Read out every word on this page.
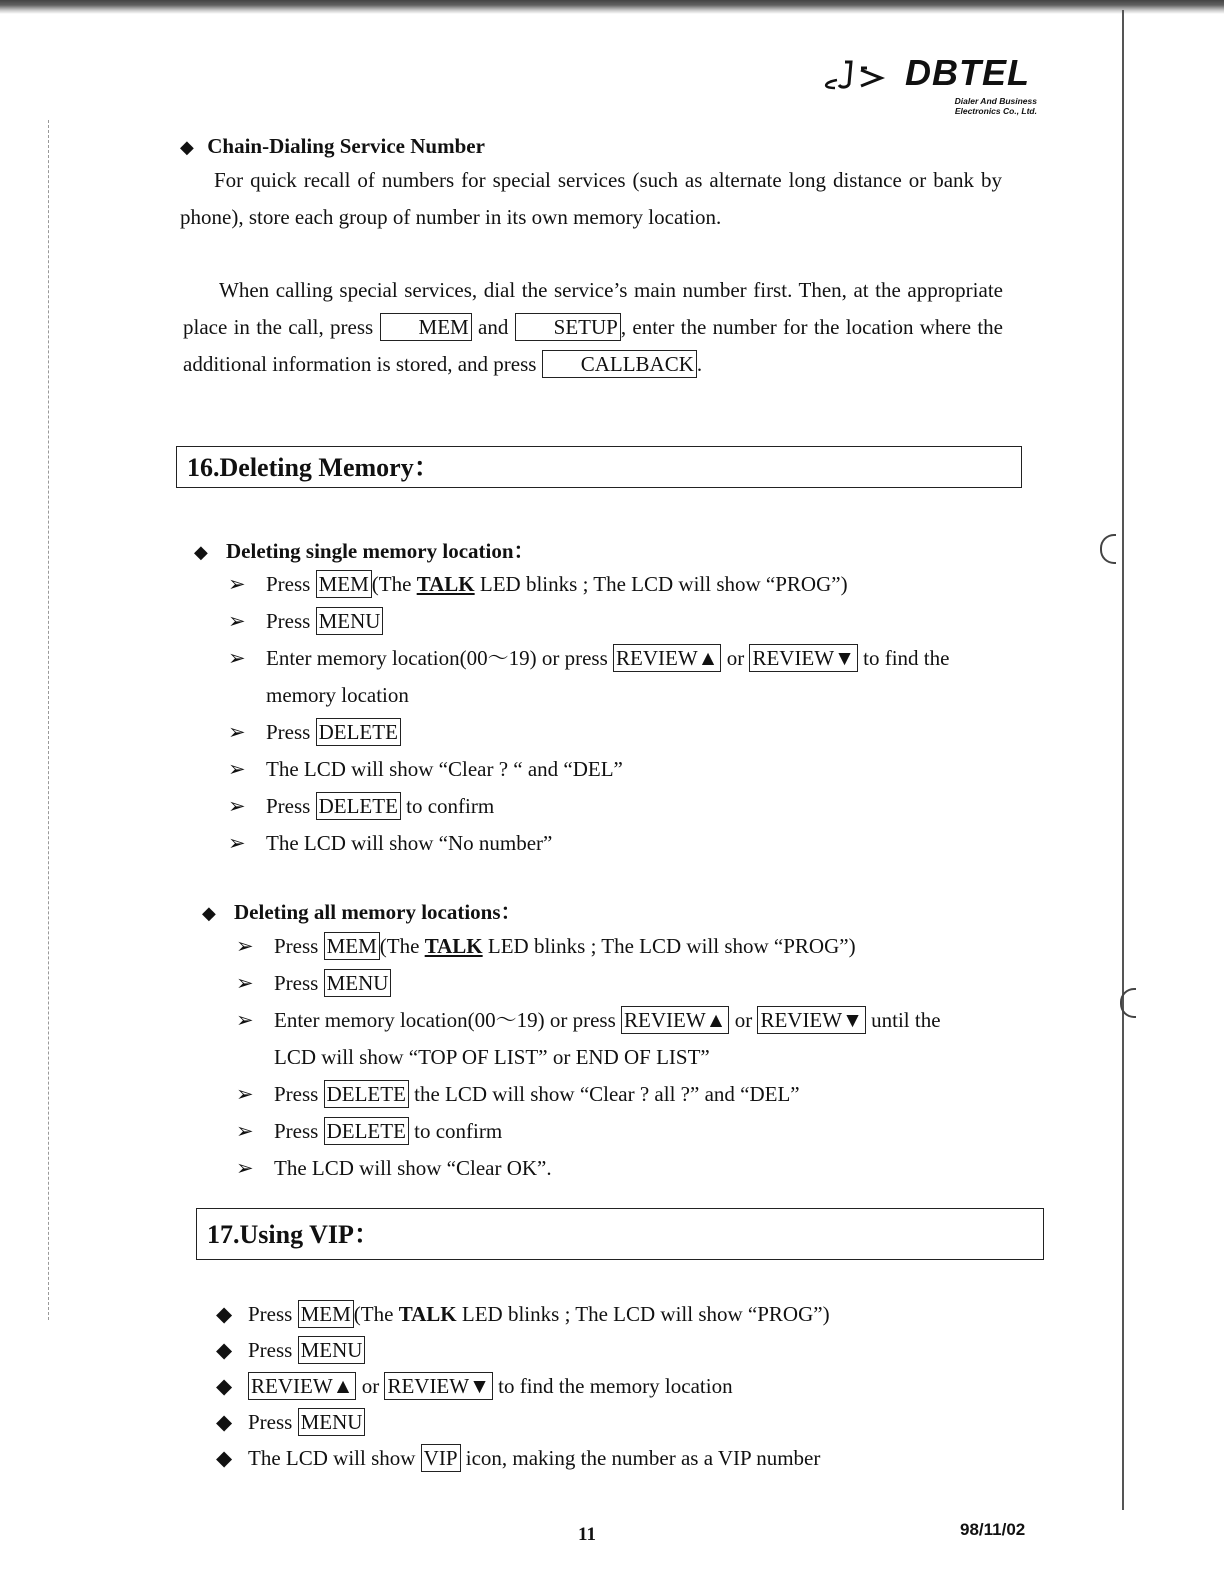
DBTEL
Dialer And Business
Electronics Co., Ltd.
◆ Chain-Dialing Service Number

For quick recall of numbers for special services (such as alternate long distance or bank by phone), store each group of number in its own memory location.

When calling special services, dial the service’s main number first. Then, at the appropriate place in the call, press MEM and SETUP , enter the number for the location where the additional information is stored, and press CALLBACK .

16.Deleting Memory：
◆ Deleting single memory location：
➢ Press MEM (The TALK LED blinks ; The LCD will show “PROG”)
➢ Press MENU
➢ Enter memory location(00～19) or press REVIEW▲ or REVIEW▼ to find the
memory location
➢ Press DELETE
➢ The LCD will show “Clear ? “ and “DEL”
➢ Press DELETE to confirm
➢ The LCD will show “No number”
◆ Deleting all memory locations：
➢ Press MEM (The TALK LED blinks ; The LCD will show “PROG”)
➢ Press MENU
➢ Enter memory location(00～19) or press REVIEW▲ or REVIEW▼ until the
LCD will show “TOP OF LIST” or END OF LIST”
➢ Press DELETE the LCD will show “Clear ? all ?” and “DEL”
➢ Press DELETE to confirm
➢ The LCD will show “Clear OK”.
17.Using VIP：
◆ Press MEM (The TALK LED blinks ; The LCD will show “PROG”)
◆ Press MENU
◆ REVIEW▲ or REVIEW▼ to find the memory location
◆ Press MENU
◆ The LCD will show VIP icon, making the number as a VIP number
11	98/11/02
